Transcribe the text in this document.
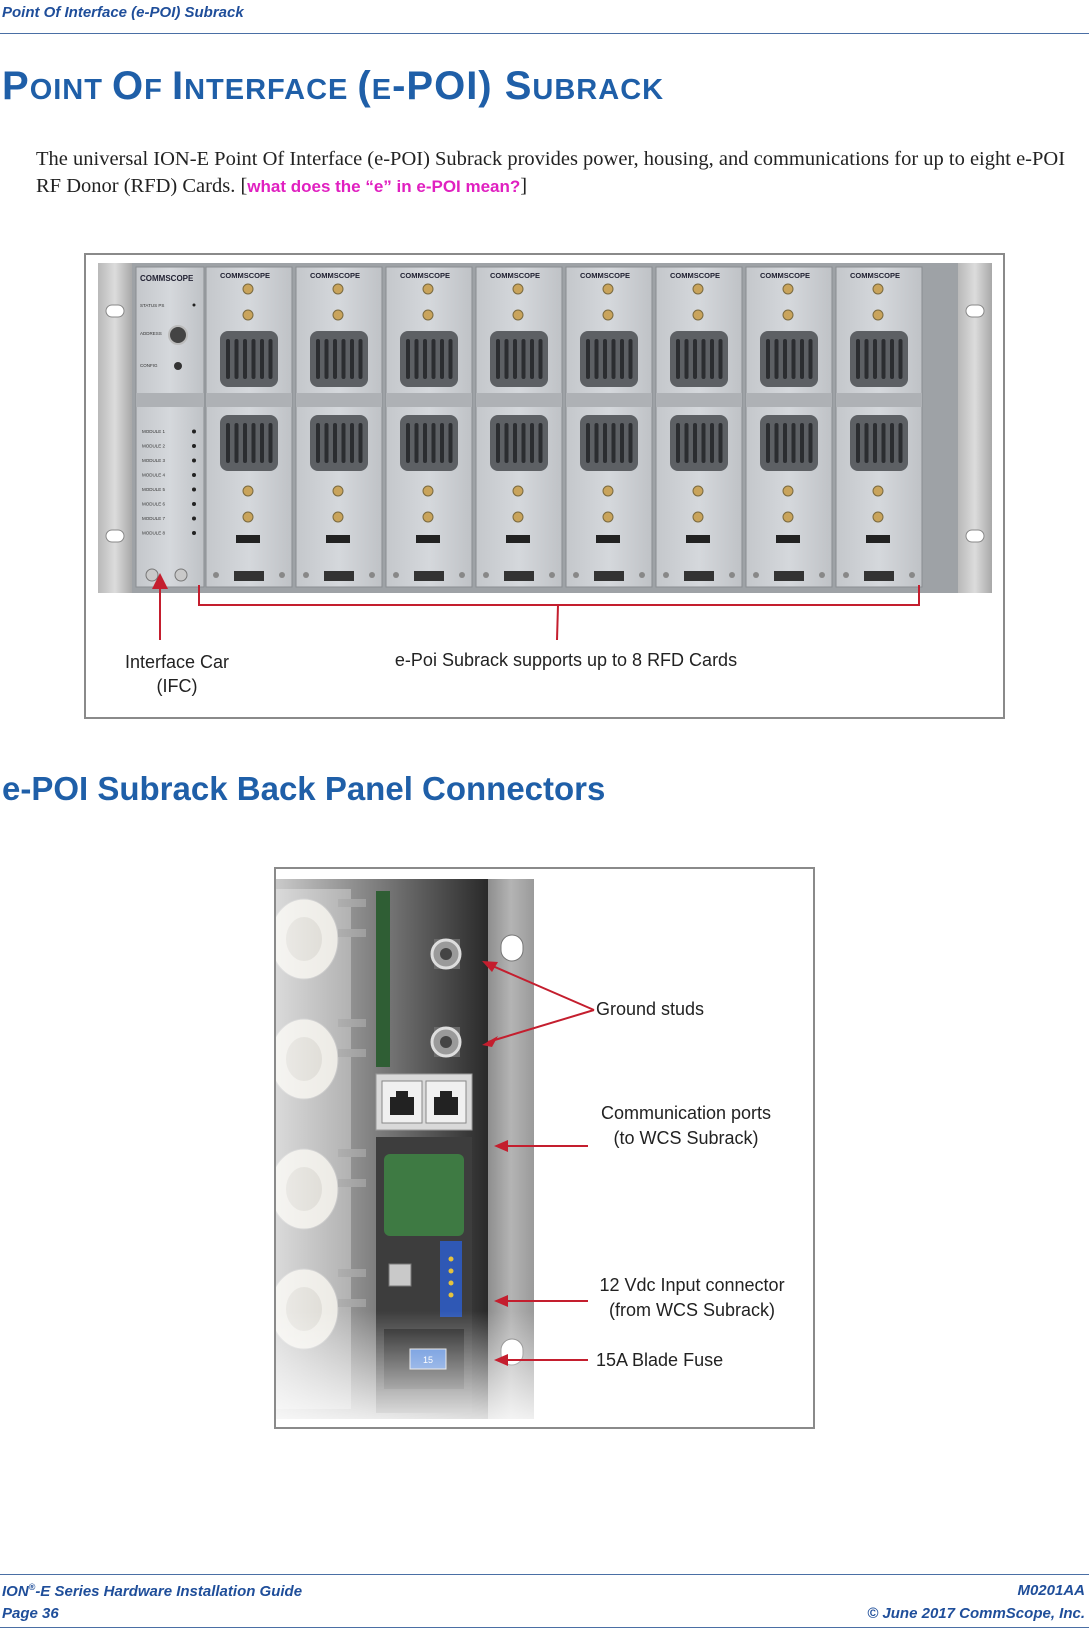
Point Of Interface (e-POI) Subrack
POINT OF INTERFACE (E-POI) SUBRACK
The universal ION-E Point Of Interface (e-POI) Subrack provides power, housing, and communications for up to eight e-POI RF Donor (RFD) Cards. [what does the “e” in e-POI mean?]
COMMSCOPE
STATUS PS
ADDRESS
CONFIG
MODULE 1
MODULE 2
MODULE 3
MODULE 4
MODULE 5
MODULE 6
MODULE 7
MODULE 8
COMMSCOPE	COMMSCOPE	COMMSCOPE	COMMSCOPE	COMMSCOPE	COMMSCOPE	COMMSCOPE	COMMSCOPE
Interface Car
(IFC)
e-Poi Subrack supports up to 8 RFD Cards
e-POI Subrack Back Panel Connectors
Ground studs
Communication ports
(to WCS Subrack)
12 Vdc Input connector
(from WCS Subrack)
15A Blade Fuse
ION®-E Series Hardware Installation Guide	M0201AA
Page 36	© June 2017 CommScope, Inc.
